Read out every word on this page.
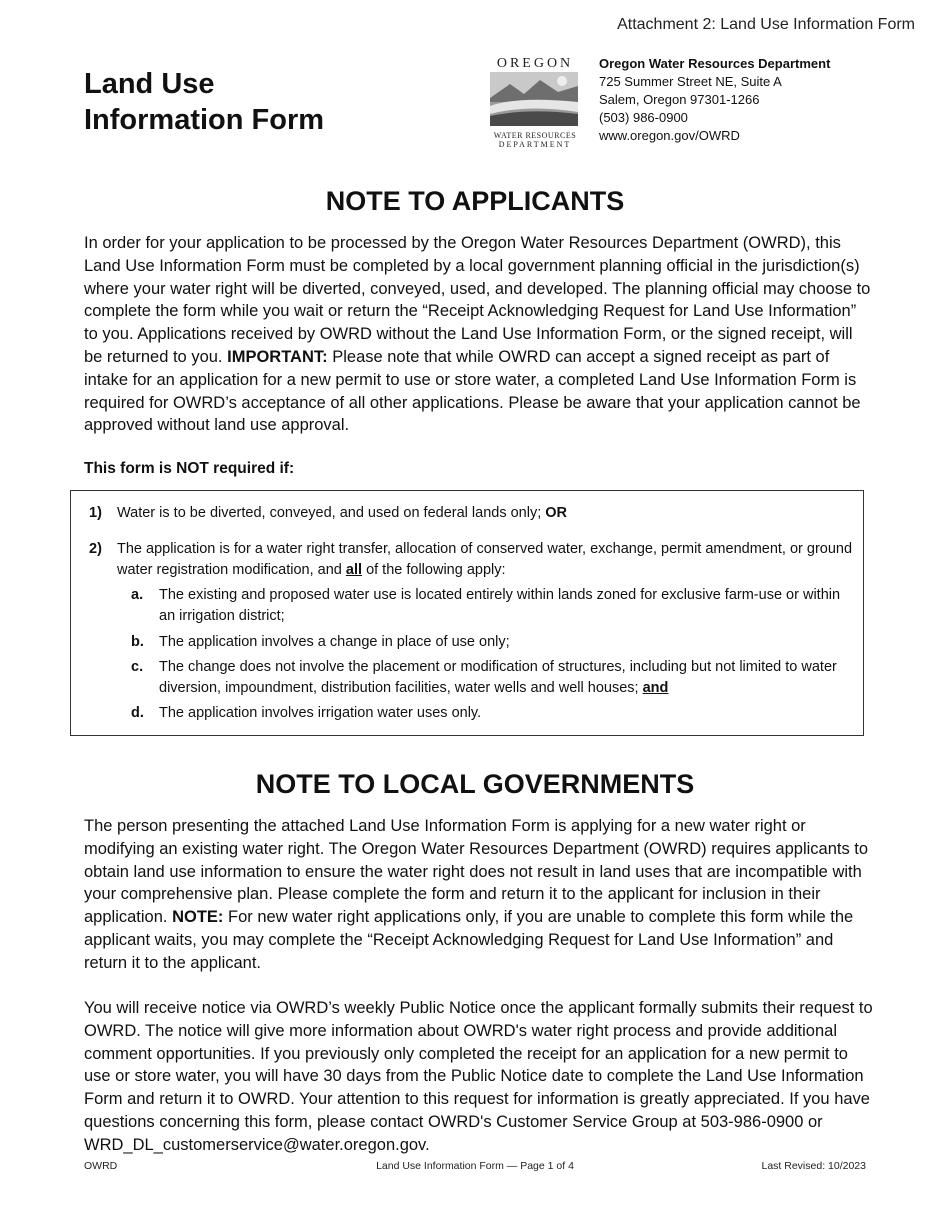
Attachment 2: Land Use Information Form
Land Use
Information Form
OREGON
WATER RESOURCES
DEPARTMENT
Oregon Water Resources Department
725 Summer Street NE, Suite A
Salem, Oregon 97301-1266
(503) 986-0900
www.oregon.gov/OWRD
NOTE TO APPLICANTS
In order for your application to be processed by the Oregon Water Resources Department (OWRD), this Land Use Information Form must be completed by a local government planning official in the jurisdiction(s) where your water right will be diverted, conveyed, used, and developed. The planning official may choose to complete the form while you wait or return the “Receipt Acknowledging Request for Land Use Information” to you. Applications received by OWRD without the Land Use Information Form, or the signed receipt, will be returned to you. IMPORTANT: Please note that while OWRD can accept a signed receipt as part of intake for an application for a new permit to use or store water, a completed Land Use Information Form is required for OWRD’s acceptance of all other applications. Please be aware that your application cannot be approved without land use approval.
This form is NOT required if:
1) Water is to be diverted, conveyed, and used on federal lands only; OR
2) The application is for a water right transfer, allocation of conserved water, exchange, permit amendment, or ground water registration modification, and all of the following apply:
a. The existing and proposed water use is located entirely within lands zoned for exclusive farm-use or within an irrigation district;
b. The application involves a change in place of use only;
c. The change does not involve the placement or modification of structures, including but not limited to water diversion, impoundment, distribution facilities, water wells and well houses; and
d. The application involves irrigation water uses only.
NOTE TO LOCAL GOVERNMENTS
The person presenting the attached Land Use Information Form is applying for a new water right or modifying an existing water right. The Oregon Water Resources Department (OWRD) requires applicants to obtain land use information to ensure the water right does not result in land uses that are incompatible with your comprehensive plan. Please complete the form and return it to the applicant for inclusion in their application. NOTE: For new water right applications only, if you are unable to complete this form while the applicant waits, you may complete the “Receipt Acknowledging Request for Land Use Information” and return it to the applicant.
You will receive notice via OWRD’s weekly Public Notice once the applicant formally submits their request to OWRD. The notice will give more information about OWRD's water right process and provide additional comment opportunities. If you previously only completed the receipt for an application for a new permit to use or store water, you will have 30 days from the Public Notice date to complete the Land Use Information Form and return it to OWRD. Your attention to this request for information is greatly appreciated. If you have questions concerning this form, please contact OWRD's Customer Service Group at 503-986-0900 or WRD_DL_customerservice@water.oregon.gov.
OWRD	Land Use Information Form — Page 1 of 4	Last Revised: 10/2023
